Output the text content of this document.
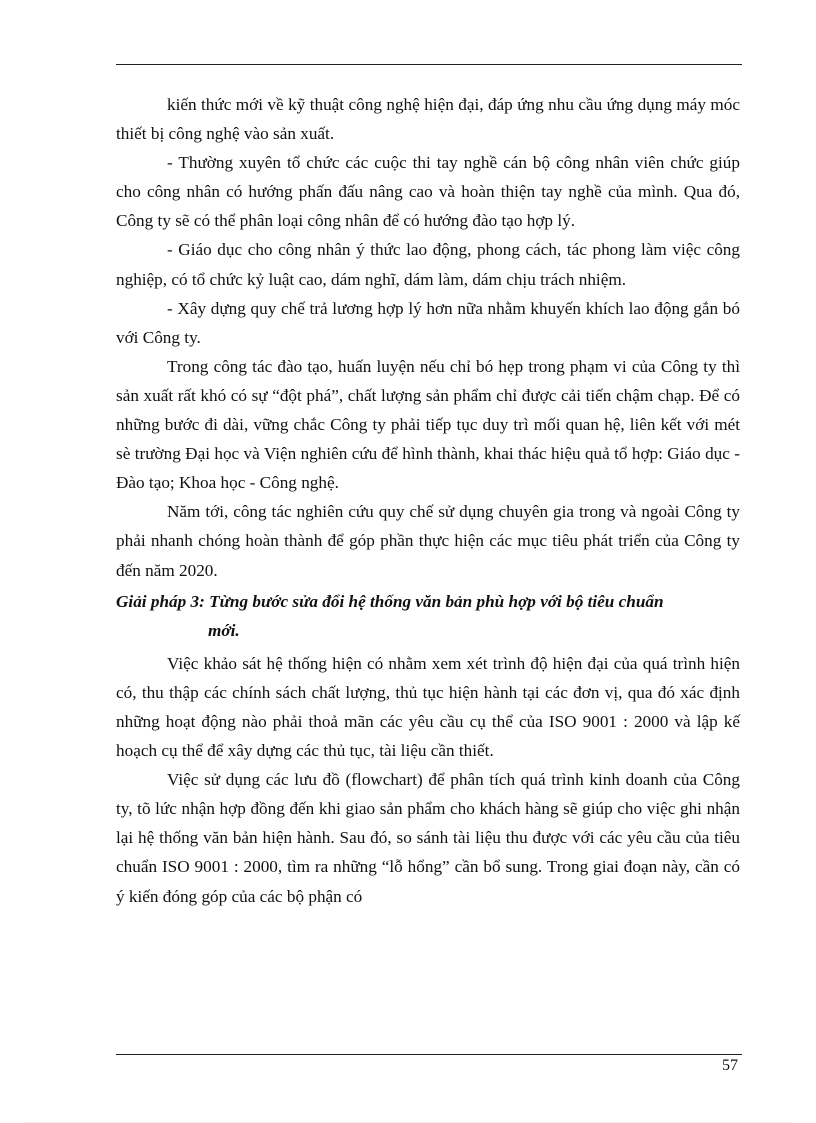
kiến thức mới về kỹ thuật công nghệ hiện đại, đáp ứng nhu cầu ứng dụng máy móc thiết bị công nghệ vào sản xuất.

- Thường xuyên tổ chức các cuộc thi tay nghề cán bộ công nhân viên chức giúp cho công nhân có hướng phấn đấu nâng cao và hoàn thiện tay nghề của mình. Qua đó, Công ty sẽ có thể phân loại công nhân để có hướng đào tạo hợp lý.

- Giáo dục cho công nhân ý thức lao động, phong cách, tác phong làm việc công nghiệp, có tổ chức kỷ luật cao, dám nghĩ, dám làm, dám chịu trách nhiệm.

- Xây dựng quy chế trả lương hợp lý hơn nữa nhằm khuyến khích lao động gắn bó với Công ty.

Trong công tác đào tạo, huấn luyện nếu chỉ bó hẹp trong phạm vi của Công ty thì sản xuất rất khó có sự “đột phá”, chất lượng sản phẩm chỉ được cải tiến chậm chạp. Để có những bước đi dài, vững chắc Công ty phải tiếp tục duy trì mối quan hệ, liên kết với mét sè trường Đại học và Viện nghiên cứu để hình thành, khai thác hiệu quả tổ hợp: Giáo dục - Đào tạo; Khoa học - Công nghệ.

Năm tới, công tác nghiên cứu quy chế sử dụng chuyên gia trong và ngoài Công ty phải nhanh chóng hoàn thành để góp phần thực hiện các mục tiêu phát triển của Công ty đến năm 2020.

Giải pháp 3: Từng bước sửa đổi hệ thống văn bản phù hợp với bộ tiêu chuẩn
mới.

Việc khảo sát hệ thống hiện có nhằm xem xét trình độ hiện đại của quá trình hiện có, thu thập các chính sách chất lượng, thủ tục hiện hành tại các đơn vị, qua đó xác định những hoạt động nào phải thoả mãn các yêu cầu cụ thể của ISO 9001 : 2000 và lập kế hoạch cụ thể để xây dựng các thủ tục, tài liệu cần thiết.

Việc sử dụng các lưu đồ (flowchart) để phân tích quá trình kinh doanh của Công ty, tõ lức nhận hợp đồng đến khi giao sản phẩm cho khách hàng sẽ giúp cho việc ghi nhận lại hệ thống văn bản hiện hành. Sau đó, so sánh tài liệu thu được với các yêu cầu của tiêu chuẩn ISO 9001 : 2000, tìm ra những “lỗ hổng” cần bổ sung. Trong giai đoạn này, cần có ý kiến đóng góp của các bộ phận có

57
